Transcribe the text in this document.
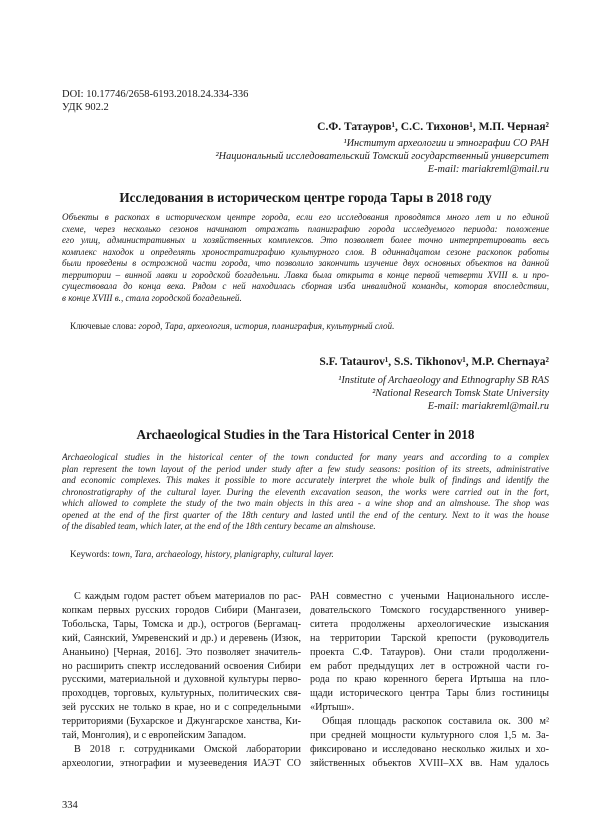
DOI: 10.17746/2658-6193.2018.24.334-336
УДК 902.2
С.Ф. Татауров¹, С.С. Тихонов¹, М.П. Черная²
¹Институт археологии и этнографии СО РАН
²Национальный исследовательский Томский государственный университет
E-mail: mariakreml@mail.ru
Исследования в историческом центре города Тары в 2018 году
Объекты в раскопах в историческом центре города, если его исследования проводятся много лет и по единой
схеме, через несколько сезонов начинают отражать планиграфию города исследуемого периода: положение
его улиц, административных и хозяйственных комплексов. Это позволяет более точно интерпретировать весь
комплекс находок и определять хроностратиграфию культурного слоя. В одиннадцатом сезоне раскопок работы
были проведены в острожной части города, что позволило закончить изучение двух основных объектов на данной
территории – винной лавки и городской богадельни. Лавка была открыта в конце первой четверти XVIII в. и про-
существовала до конца века. Рядом с ней находилась сборная изба инвалидной команды, которая впоследствии,
в конце XVIII в., стала городской богадельней.
Ключевые слова: город, Тара, археология, история, планиграфия, культурный слой.
S.F. Tataurov¹, S.S. Tikhonov¹, M.P. Chernaya²
¹Institute of Archaeology and Ethnography SB RAS
²National Research Tomsk State University
E-mail: mariakreml@mail.ru
Archaeological Studies in the Tara Historical Center in 2018
Archaeological studies in the historical center of the town conducted for many years and according to a complex
plan represent the town layout of the period under study after a few study seasons: position of its streets, administrative
and economic complexes. This makes it possible to more accurately interpret the whole bulk of findings and identify the
chronostratigraphy of the cultural layer. During the eleventh excavation season, the works were carried out in the fort,
which allowed to complete the study of the two main objects in this area - a wine shop and an almshouse. The shop was
opened at the end of the first quarter of the 18th century and lasted until the end of the century. Next to it was the house
of the disabled team, which later, at the end of the 18th century became an almshouse.
Keywords: town, Tara, archaeology, history, planigraphy, cultural layer.
С каждым годом растет объем материалов по рас-
копкам первых русских городов Сибири (Мангазеи,
Тобольска, Тары, Томска и др.), острогов (Бергамац-
кий, Саянский, Умревенский и др.) и деревень (Изюк,
Ананьино) [Черная, 2016]. Это позволяет значитель-
но расширить спектр исследований освоения Сибири
русскими, материальной и духовной культуры перво-
проходцев, торговых, культурных, политических свя-
зей русских не только в крае, но и с сопредельными
территориями (Бухарское и Джунгарское ханства, Ки-
тай, Монголия), и с европейским Западом.
В 2018 г. сотрудниками Омской лаборатории
археологии, этнографии и музееведения ИАЭТ СО
РАН совместно с учеными Национального иссле-
довательского Томского государственного универ-
ситета продолжены археологические изыскания
на территории Тарской крепости (руководитель
проекта С.Ф. Татауров). Они стали продолжени-
ем работ предыдущих лет в острожной части го-
рода по краю коренного берега Иртыша на пло-
щади исторического центра Тары близ гостиницы
«Иртыш».
Общая площадь раскопок составила ок. 300 м²
при средней мощности культурного слоя 1,5 м. За-
фиксировано и исследовано несколько жилых и хо-
зяйственных объектов XVIII–XX вв. Нам удалось
334
